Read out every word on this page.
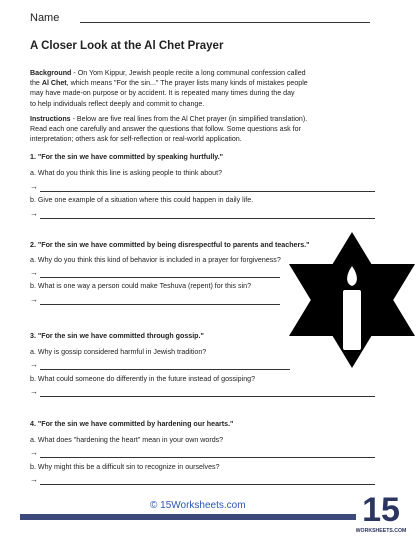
Name
A Closer Look at the Al Chet Prayer
Background - On Yom Kippur, Jewish people recite a long communal confession called
the Al Chet, which means "For the sin..." The prayer lists many kinds of mistakes people
may have made-on purpose or by accident. It is repeated many times during the day
to help individuals reflect deeply and commit to change.
Instructions - Below are five real lines from the Al Chet prayer (in simplified translation).
Read each one carefully and answer the questions that follow. Some questions ask for
interpretation; others ask for self-reflection or real-world application.
1. "For the sin we have committed by speaking hurtfully."
a. What do you think this line is asking people to think about?
→
b. Give one example of a situation where this could happen in daily life.
→
2. "For the sin we have committed by being disrespectful to parents and teachers."
a. Why do you think this kind of behavior is included in a prayer for forgiveness?
→
b. What is one way a person could make Teshuva (repent) for this sin?
→
3. "For the sin we have committed through gossip."
a. Why is gossip considered harmful in Jewish tradition?
→
b. What could someone do differently in the future instead of gossiping?
→
4. "For the sin we have committed by hardening our hearts."
a. What does "hardening the heart" mean in your own words?
→
b. Why might this be a difficult sin to recognize in ourselves?
→
© 15Worksheets.com	15
WORKSHEETS.COM
